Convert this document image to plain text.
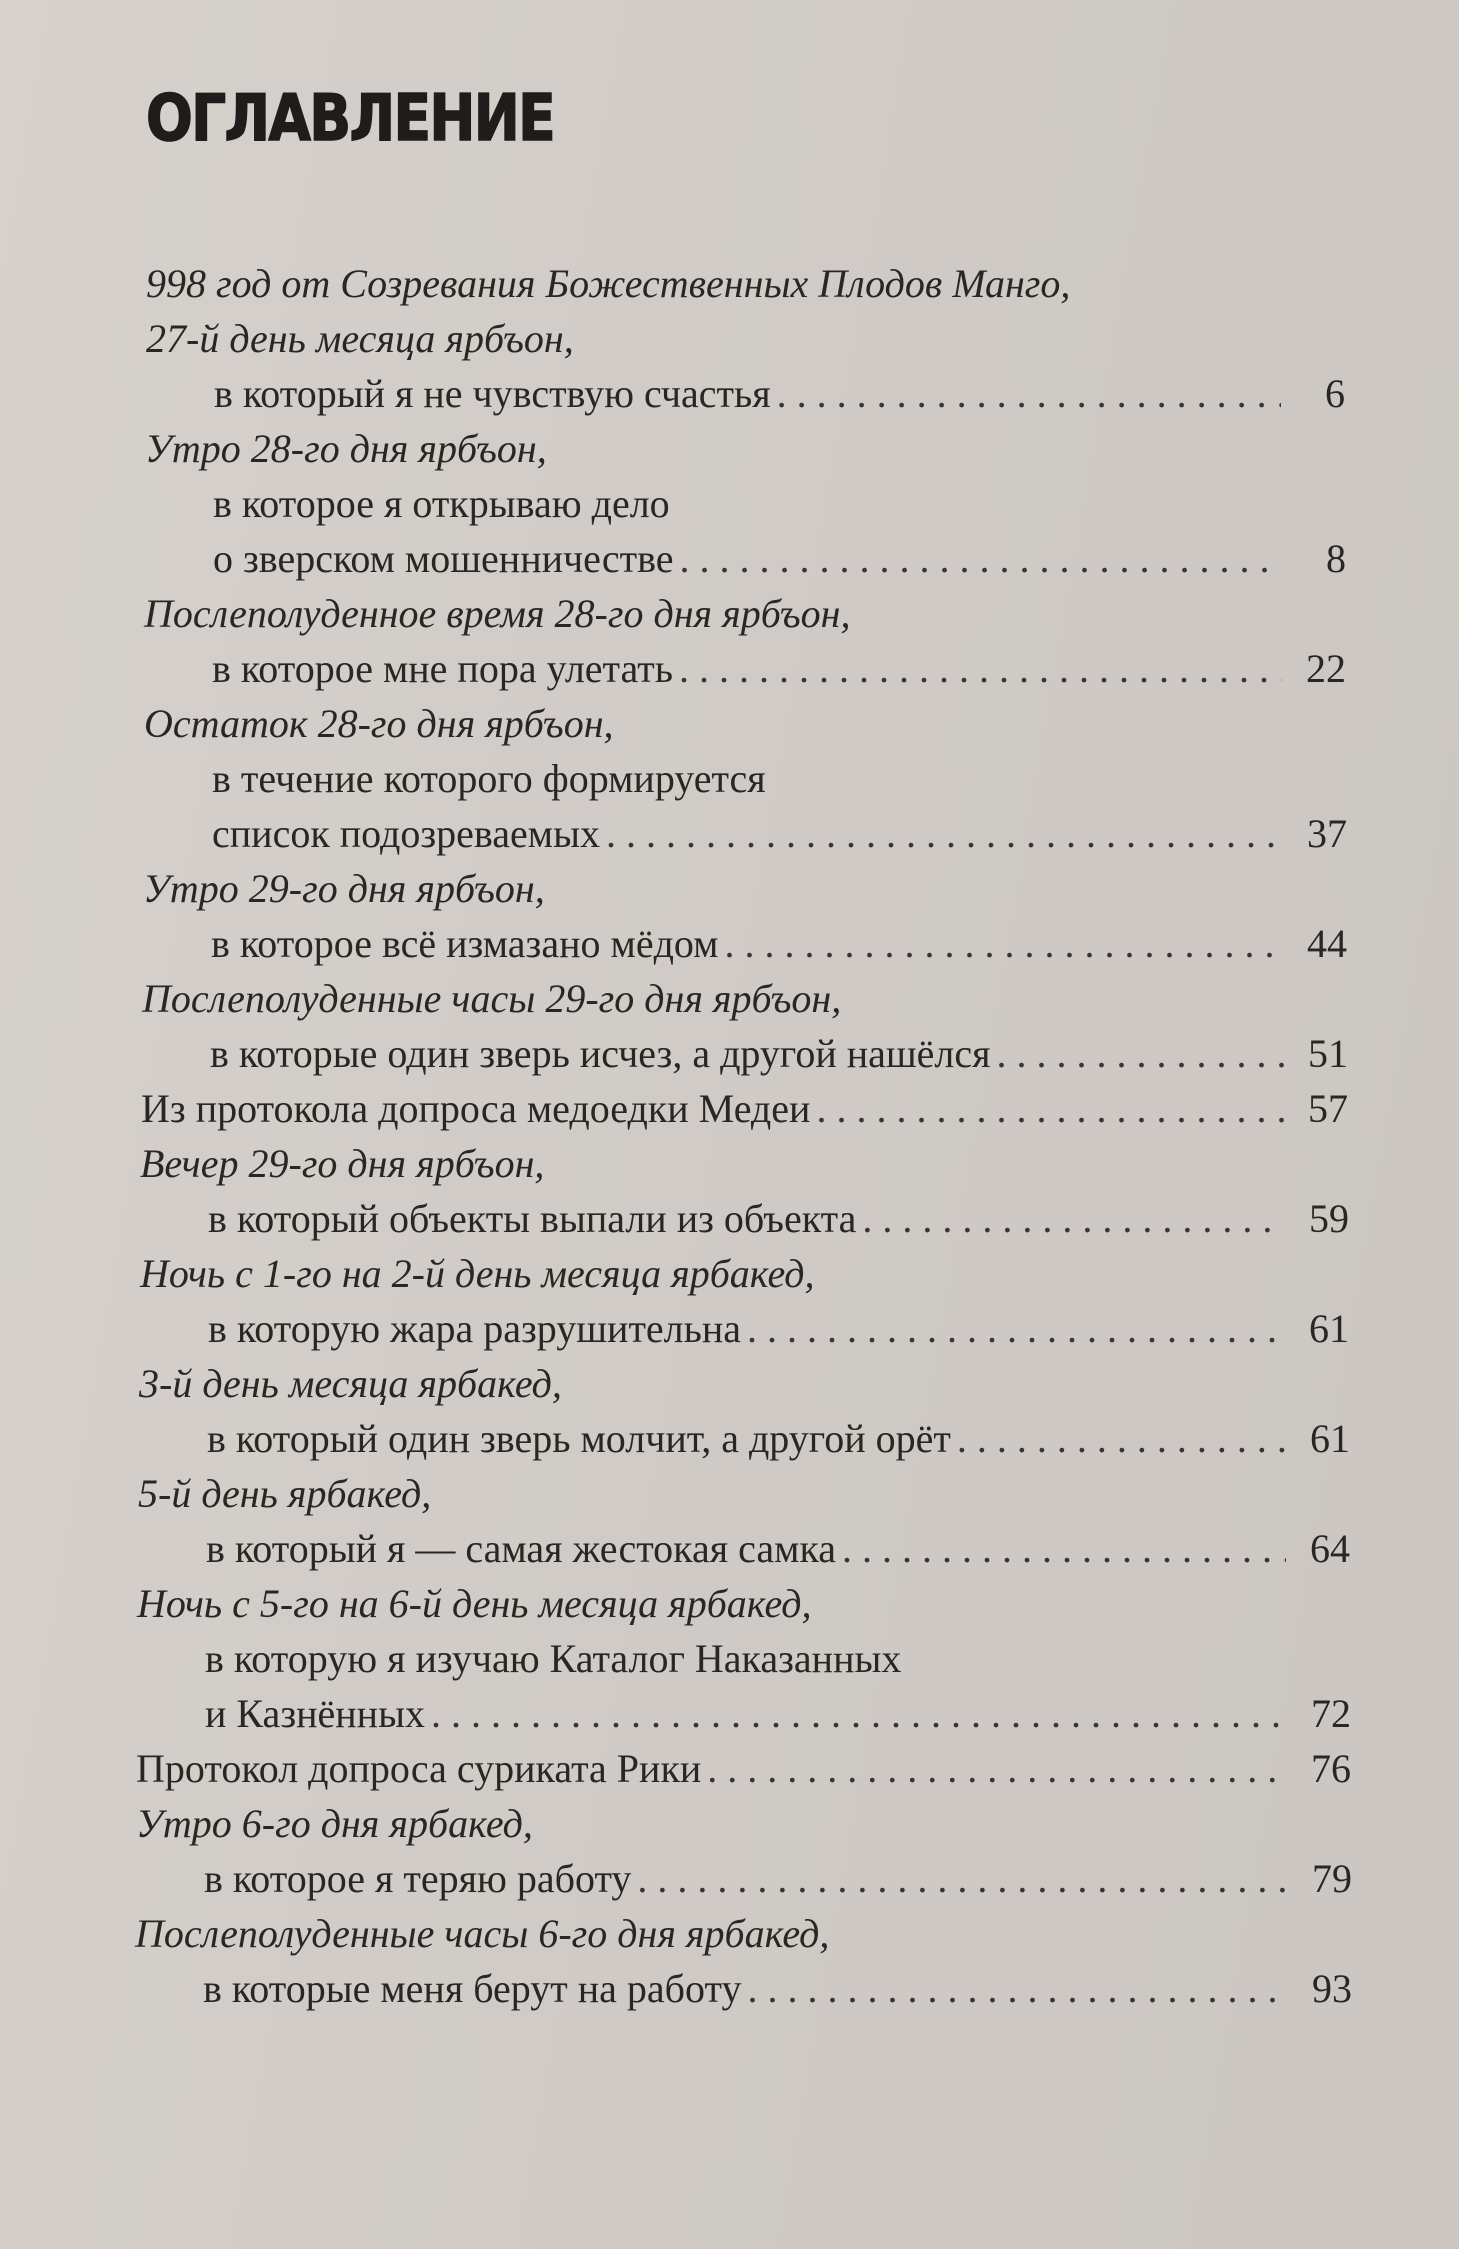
ОГЛАВЛЕНИЕ
998 год от Созревания Божественных Плодов Манго,
27-й день месяца ярбъон,
в который я не чувствую счастья . . .	6
Утро 28-го дня ярбъон,
в которое я открываю дело
о зверском мошенничестве . . .	8
Послеполуденное время 28-го дня ярбъон,
в которое мне пора улетать . . .	22
Остаток 28-го дня ярбъон,
в течение которого формируется
список подозреваемых . . .	37
Утро 29-го дня ярбъон,
в которое всё измазано мёдом . . .	44
Послеполуденные часы 29-го дня ярбъон,
в которые один зверь исчез, а другой нашёлся . . .	51
Из протокола допроса медоедки Медеи . . .	57
Вечер 29-го дня ярбъон,
в который объекты выпали из объекта . . .	59
Ночь с 1-го на 2-й день месяца ярбакед,
в которую жара разрушительна . . .	61
3-й день месяца ярбакед,
в который один зверь молчит, а другой орёт . . .	61
5-й день ярбакед,
в который я — самая жестокая самка . . .	64
Ночь с 5-го на 6-й день месяца ярбакед,
в которую я изучаю Каталог Наказанных
и Казнённых . . .	72
Протокол допроса суриката Рики . . .	76
Утро 6-го дня ярбакед,
в которое я теряю работу . . .	79
Послеполуденные часы 6-го дня ярбакед,
в которые меня берут на работу . . .	93
